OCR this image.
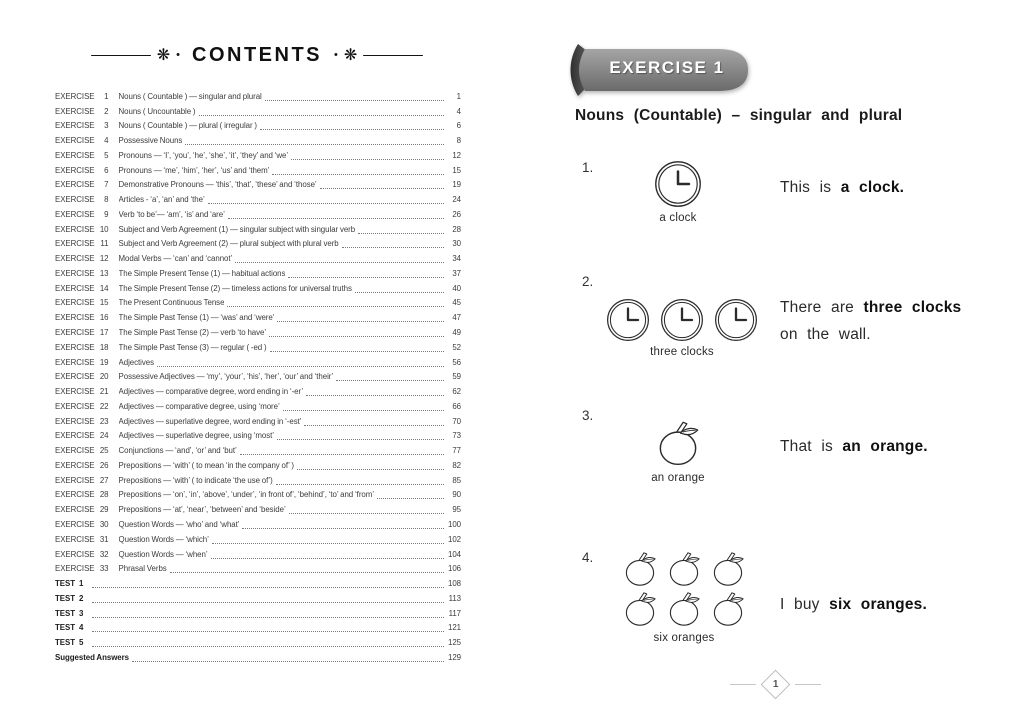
❋ • CONTENTS	• ❋
EXERCISE	1 Nouns ( Countable ) — singular and plural	1
EXERCISE	2 Nouns ( Uncountable )	4
EXERCISE	3 Nouns ( Countable ) — plural ( irregular )	6
EXERCISE	4 Possessive Nouns	8
EXERCISE	5 Pronouns — ‘I’, ‘you’, ‘he’, ‘she’, ‘it’, ‘they’ and ‘we’	12
EXERCISE	6 Pronouns — ‘me’, ‘him’, ‘her’, ‘us’ and ‘them’	15
EXERCISE	7 Demonstrative Pronouns — ‘this’, ‘that’, ‘these’ and ‘those’	19
EXERCISE	8 Articles - ‘a’, ‘an’ and ‘the’	24
EXERCISE	9 Verb ‘to be’— ‘am’, ‘is’ and ‘are’	26
EXERCISE 10 Subject and Verb Agreement (1) — singular subject with singular verb	28
EXERCISE 11 Subject and Verb Agreement (2) — plural subject with plural verb	30
EXERCISE 12 Modal Verbs — ‘can’ and ‘cannot’	34
EXERCISE 13 The Simple Present Tense (1) — habitual actions	37
EXERCISE 14 The Simple Present Tense (2) — timeless actions for universal truths	40
EXERCISE 15 The Present Continuous Tense	45
EXERCISE 16 The Simple Past Tense (1) — ‘was’ and ‘were’	47
EXERCISE 17 The Simple Past Tense (2) — verb ‘to have’	49
EXERCISE 18 The Simple Past Tense (3) — regular ( -ed )	52
EXERCISE 19 Adjectives	56
EXERCISE 20 Possessive Adjectives — ‘my’, ‘your’, ‘his’, ‘her’, ‘our’ and ‘their’	59
EXERCISE 21 Adjectives — comparative degree, word ending in ‘-er’	62
EXERCISE 22 Adjectives — comparative degree, using ‘more’	66
EXERCISE 23 Adjectives — superlative degree, word ending in ‘-est’	70
EXERCISE 24 Adjectives — superlative degree, using ‘most’	73
EXERCISE 25 Conjunctions — ‘and’, ‘or’ and ‘but’	77
EXERCISE 26 Prepositions — ‘with’ ( to mean ‘in the company of’ )	82
EXERCISE 27 Prepositions — ‘with’ ( to indicate ‘the use of’)	85
EXERCISE 28 Prepositions — ‘on’, ‘in’, ‘above’, ‘under’, ‘in front of’, ‘behind’, ‘to’ and ‘from’	90
EXERCISE 29 Prepositions — ‘at’, ‘near’, ‘between’ and ‘beside’	95
EXERCISE 30 Question Words — ‘who’ and ‘what’	100
EXERCISE 31 Question Words — ‘which’	102
EXERCISE 32 Question Words — ‘when’	104
EXERCISE 33 Phrasal Verbs	106
TEST 1	108
TEST 2	113
TEST 3	117
TEST 4	121
TEST 5	125
Suggested Answers	129
EXERCISE 1
Nouns (Countable) – singular and plural
1.
a clock
This is a clock.
2.
three clocks
There are three clocks
on the wall.
3.
an orange
That is an orange.
4.
six oranges
I buy six oranges.
1
